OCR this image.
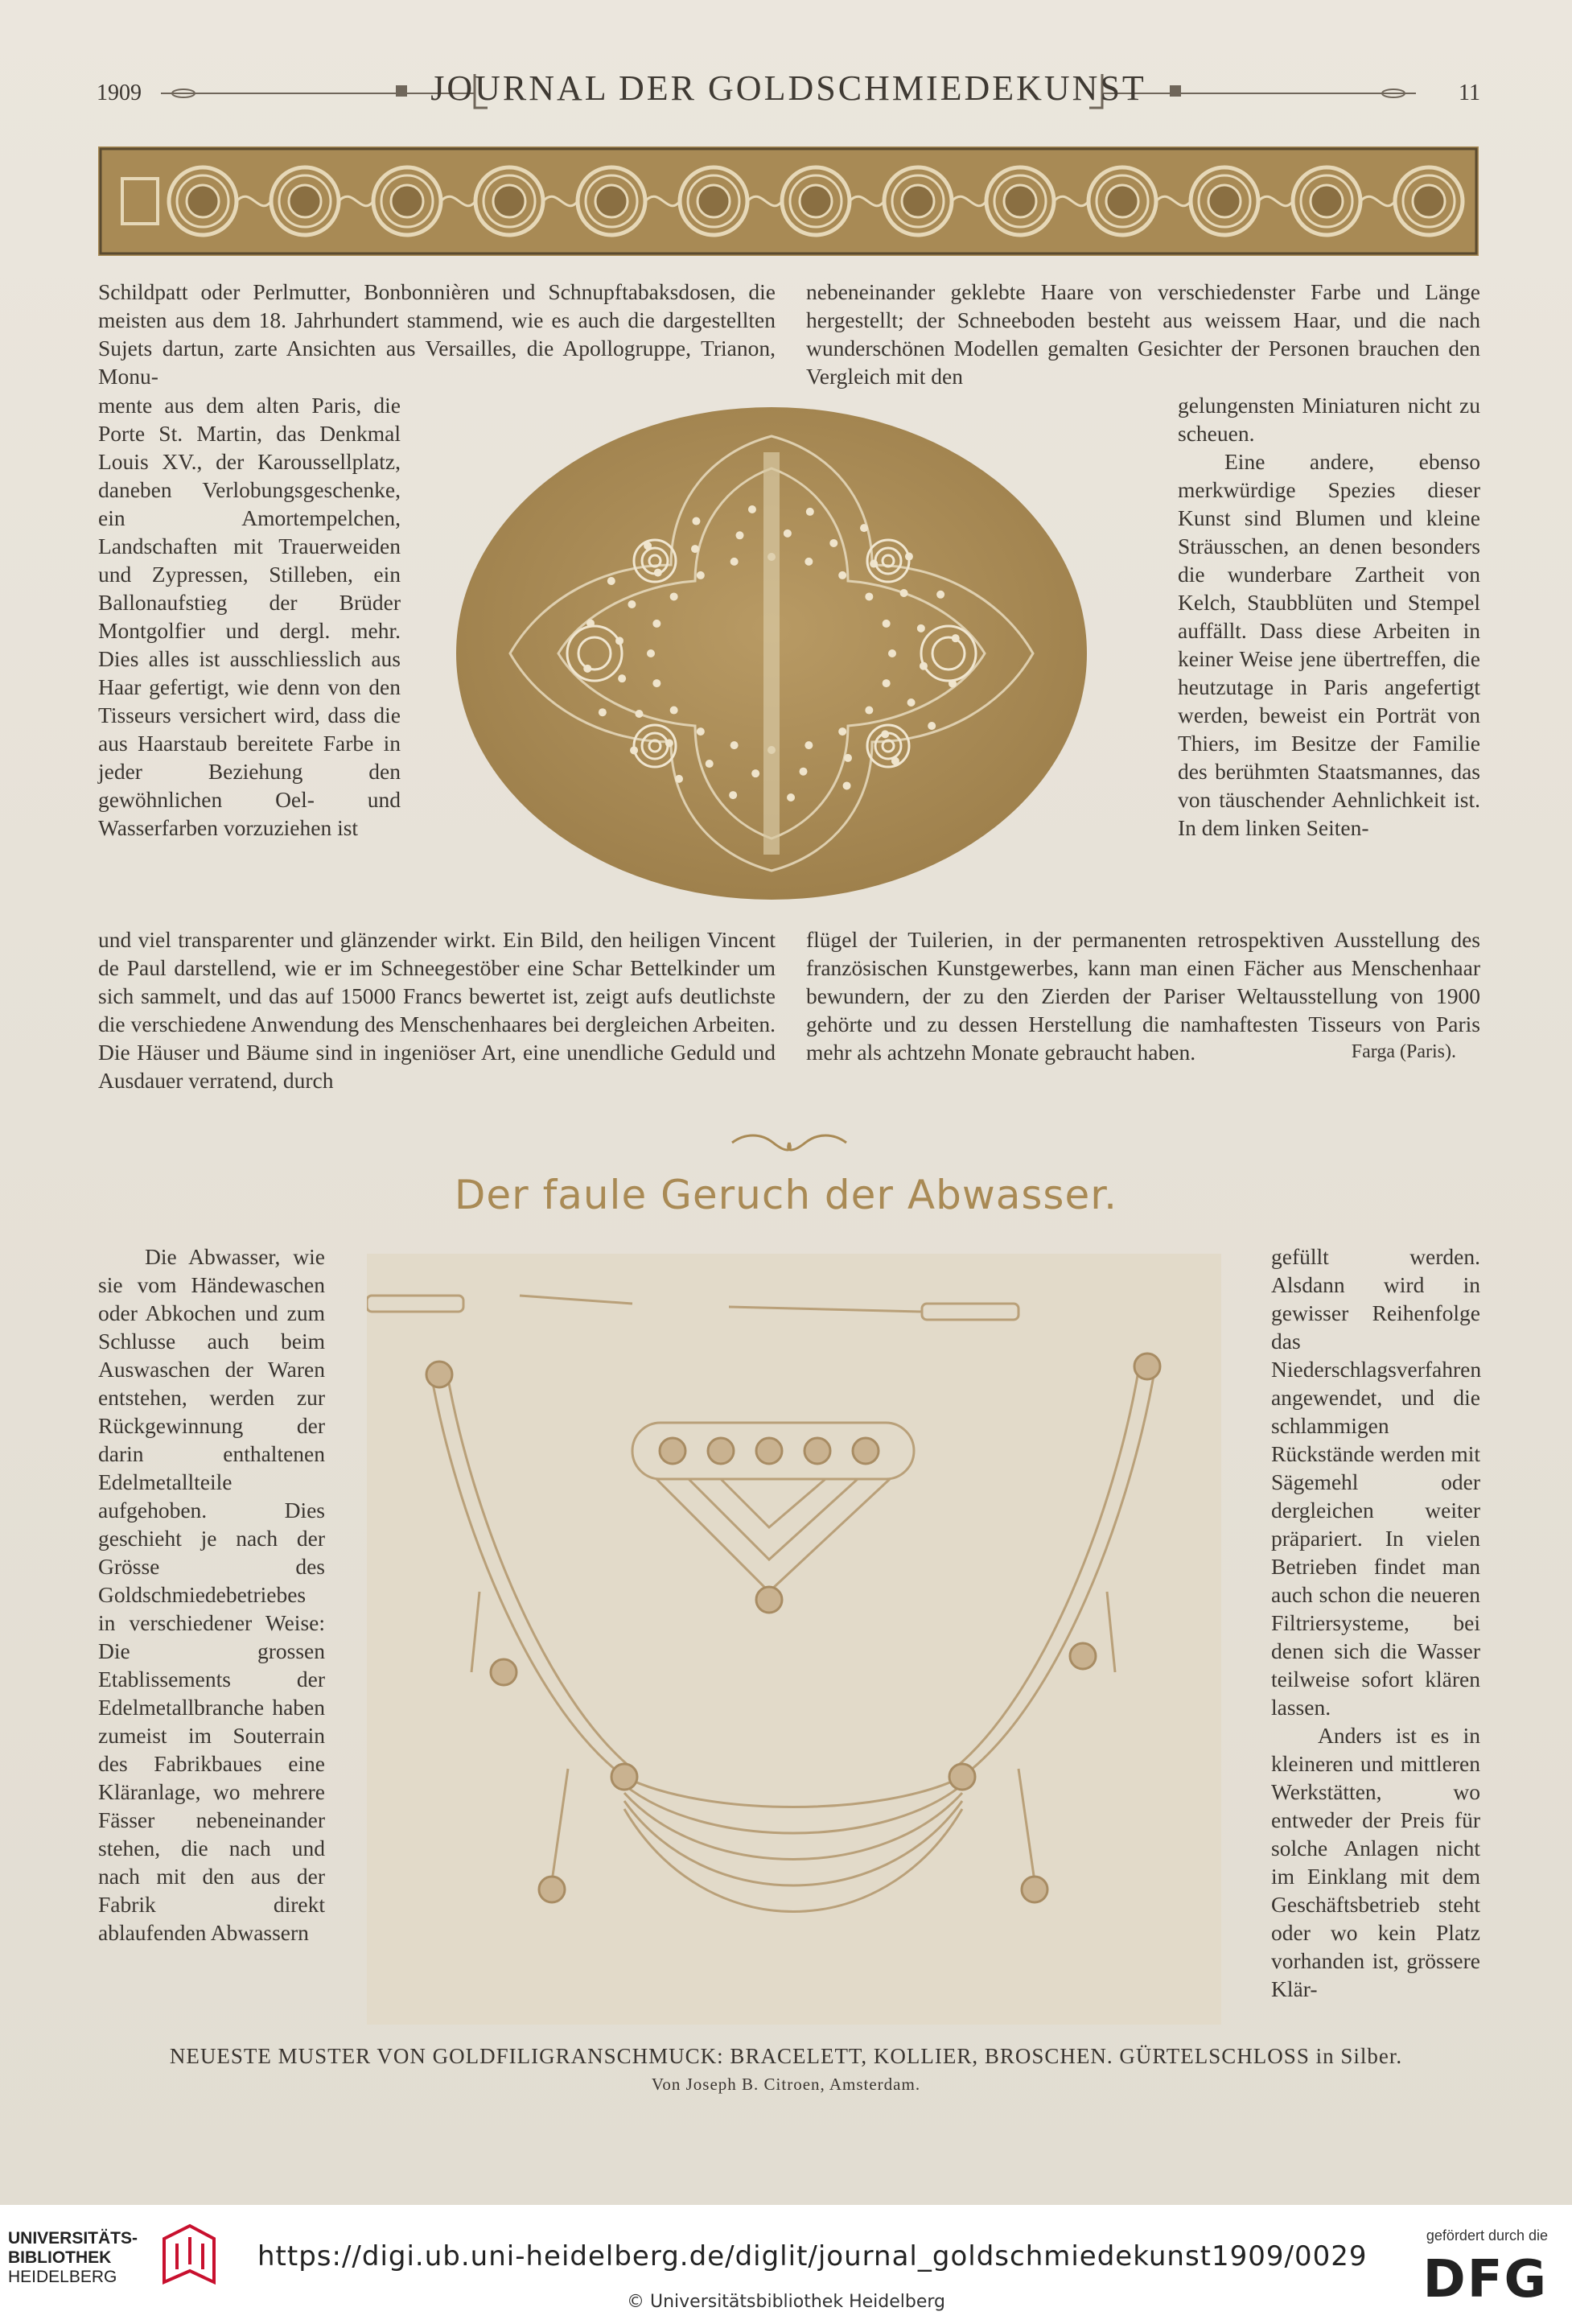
1909	JOURNAL DER GOLDSCHMIEDEKUNST	11

Schildpatt oder Perlmutter, Bonbonnièren und Schnupftabaksdosen, die meisten aus dem 18. Jahrhundert stammend, wie es auch die dargestellten Sujets dartun, zarte Ansichten aus Versailles, die Apollogruppe, Trianon, Monu-

mente aus dem alten Paris, die Porte St. Martin, das Denkmal Louis XV., der Karoussellplatz, daneben Verlobungsgeschenke, ein Amortempelchen, Landschaften mit Trauerweiden und Zypressen, Stilleben, ein Ballonaufstieg der Brüder Montgolfier und dergl. mehr. Dies alles ist ausschliesslich aus Haar gefertigt, wie denn von den Tisseurs versichert wird, dass die aus Haarstaub bereitete Farbe in jeder Beziehung den gewöhnlichen Oel- und Wasserfarben vorzuziehen ist

und viel transparenter und glänzender wirkt. Ein Bild, den heiligen Vincent de Paul darstellend, wie er im Schneegestöber eine Schar Bettelkinder um sich sammelt, und das auf 15000 Francs bewertet ist, zeigt aufs deutlichste die verschiedene Anwendung des Menschenhaares bei dergleichen Arbeiten. Die Häuser und Bäume sind in ingeniöser Art, eine unendliche Geduld und Ausdauer verratend, durch

nebeneinander geklebte Haare von verschiedenster Farbe und Länge hergestellt; der Schneeboden besteht aus weissem Haar, und die nach wunderschönen Modellen gemalten Gesichter der Personen brauchen den Vergleich mit den

gelungensten Miniaturen nicht zu scheuen.

Eine andere, ebenso merkwürdige Spezies dieser Kunst sind Blumen und kleine Sträusschen, an denen besonders die wunderbare Zartheit von Kelch, Staubblüten und Stempel auffällt. Dass diese Arbeiten in keiner Weise jene übertreffen, die heutzutage in Paris angefertigt werden, beweist ein Porträt von Thiers, im Besitze der Familie des berühmten Staatsmannes, das von täuschender Aehnlichkeit ist. In dem linken Seiten-

flügel der Tuilerien, in der permanenten retrospektiven Ausstellung des französischen Kunstgewerbes, kann man einen Fächer aus Menschenhaar bewundern, der zu den Zierden der Pariser Weltausstellung von 1900 gehörte und zu dessen Herstellung die namhaftesten Tisseurs von Paris mehr als achtzehn Monate gebraucht haben.	Farga (Paris).

Der faule Geruch der Abwasser.

Die Abwasser, wie sie vom Händewaschen oder Abkochen und zum Schlusse auch beim Auswaschen der Waren entstehen, werden zur Rückgewinnung der darin enthaltenen Edelmetallteile aufgehoben. Dies geschieht je nach der Grösse des Goldschmiedebetriebes in verschiedener Weise: Die grossen Etablissements der Edelmetallbranche haben zumeist im Souterrain des Fabrikbaues eine Kläranlage, wo mehrere Fässer nebeneinander stehen, die nach und nach mit den aus der Fabrik direkt ablaufenden Abwassern

gefüllt werden. Alsdann wird in gewisser Reihenfolge das Niederschlagsverfahren angewendet, und die schlammigen Rückstände werden mit Sägemehl oder dergleichen weiter präpariert. In vielen Betrieben findet man auch schon die neueren Filtriersysteme, bei denen sich die Wasser teilweise sofort klären lassen.

Anders ist es in kleineren und mittleren Werkstätten, wo entweder der Preis für solche Anlagen nicht im Einklang mit dem Geschäftsbetrieb steht oder wo kein Platz vorhanden ist, grössere Klär-

NEUESTE MUSTER VON GOLDFILIGRANSCHMUCK: BRACELETT, KOLLIER, BROSCHEN. GÜRTELSCHLOSS in Silber.
Von Joseph B. Citroen, Amsterdam.
UNIVERSITÄTS-
BIBLIOTHEK
HEIDELBERG
https://digi.ub.uni-heidelberg.de/diglit/journal_goldschmiedekunst1909/0029
© Universitätsbibliothek Heidelberg
gefördert durch die
DFG
